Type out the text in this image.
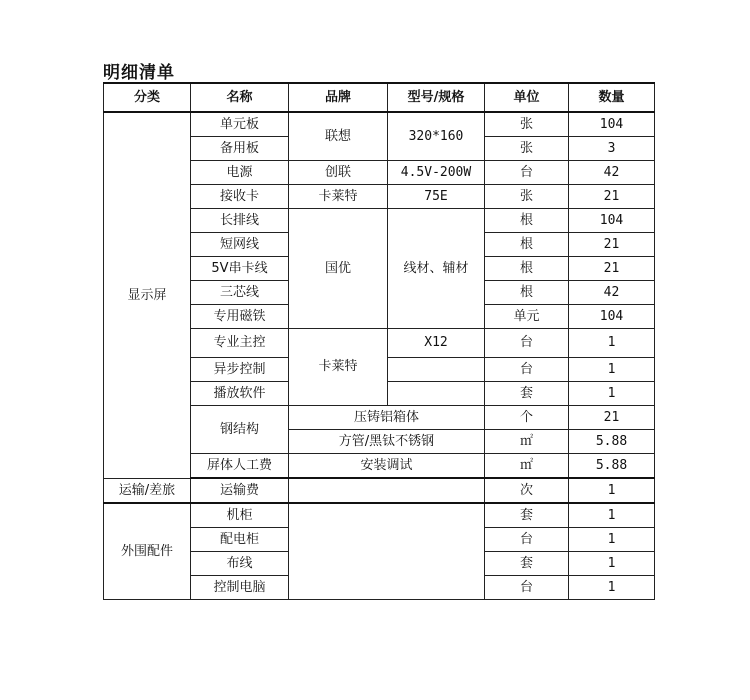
明细清单
分类	名称	品牌	型号/规格	单位	数量
显示屏	单元板	联想	320*160	张	104
	备用板			张	3
	电源	创联	4.5V-200W	台	42
	接收卡	卡莱特	75E	张	21
	长排线	国优	线材、辅材	根	104
	短网线			根	21
	5V串卡线			根	21
	三芯线			根	42
	专用磁铁			单元	104
	专业主控	卡莱特	X12	台	1
	异步控制			台	1
	播放软件			套	1
	钢结构	压铸铝箱体		个	21
		方管/黑钛不锈钢		㎡	5.88
	屏体人工费	安装调试		㎡	5.88
运输/差旅	运输费			次	1
外围配件	机柜			套	1
	配电柜			台	1
	布线			套	1
	控制电脑			台	1
